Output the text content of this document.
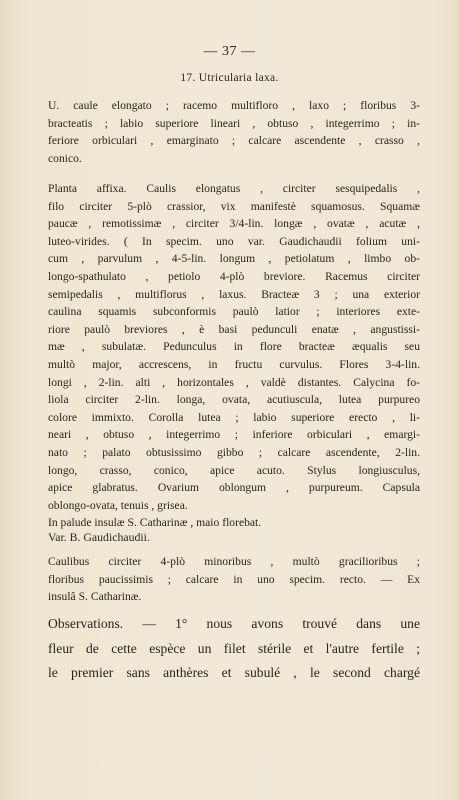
— 37 —
17. Utricularia laxa.
U. caule elongato ; racemo multifloro , laxo ; floribus 3-
bracteatis ; labio superiore lineari , obtuso , integerrimo ; in-
feriore orbiculari , emarginato ; calcare ascendente , crasso ,
conico.
Planta affixa. Caulis elongatus , circiter sesquipedalis ,
filo circiter 5-plò crassior, vix manifestè squamosus. Squamæ
paucæ , remotissimæ , circiter 3/4-lin. longæ , ovatæ , acutæ ,
luteo-virides. ( In specim. uno var. Gaudichaudii folium uni-
cum , parvulum , 4-5-lin. longum , petiolatum , limbo ob-
longo-spathulato , petiolo 4-plò breviore. Racemus circiter
semipedalis , multiflorus , laxus. Bracteæ 3 ; una exterior
caulina squamis subconformis paulò latior ; interiores exte-
riore paulò breviores , è basi pedunculi enatæ , angustissi-
mæ , subulatæ. Pedunculus in flore bracteæ æqualis seu
multò major, accrescens, in fructu curvulus. Flores 3-4-lin.
longi , 2-lin. alti , horizontales , valdè distantes. Calycina fo-
liola circiter 2-lin. longa, ovata, acutiuscula, lutea purpureo
colore immixto. Corolla lutea ; labio superiore erecto , li-
neari , obtuso , integerrimo ; inferiore orbiculari , emargi-
nato ; palato obtusissimo gibbo ; calcare ascendente, 2-lin.
longo, crasso, conico, apice acuto. Stylus longiusculus,
apice glabratus. Ovarium oblongum , purpureum. Capsula
oblongo-ovata, tenuis , grisea.
In palude insulæ S. Catharinæ , maio florebat.
Var. B. Gaudichaudii.
Caulibus circiter 4-plò minoribus , multò gracilioribus ;
floribus paucissimis ; calcare in uno specim. recto. — Ex
insulâ S. Catharinæ.
Observations. — 1° nous avons trouvé dans une
fleur de cette espèce un filet stérile et l'autre fertile ;
le premier sans anthères et subulé , le second chargé
